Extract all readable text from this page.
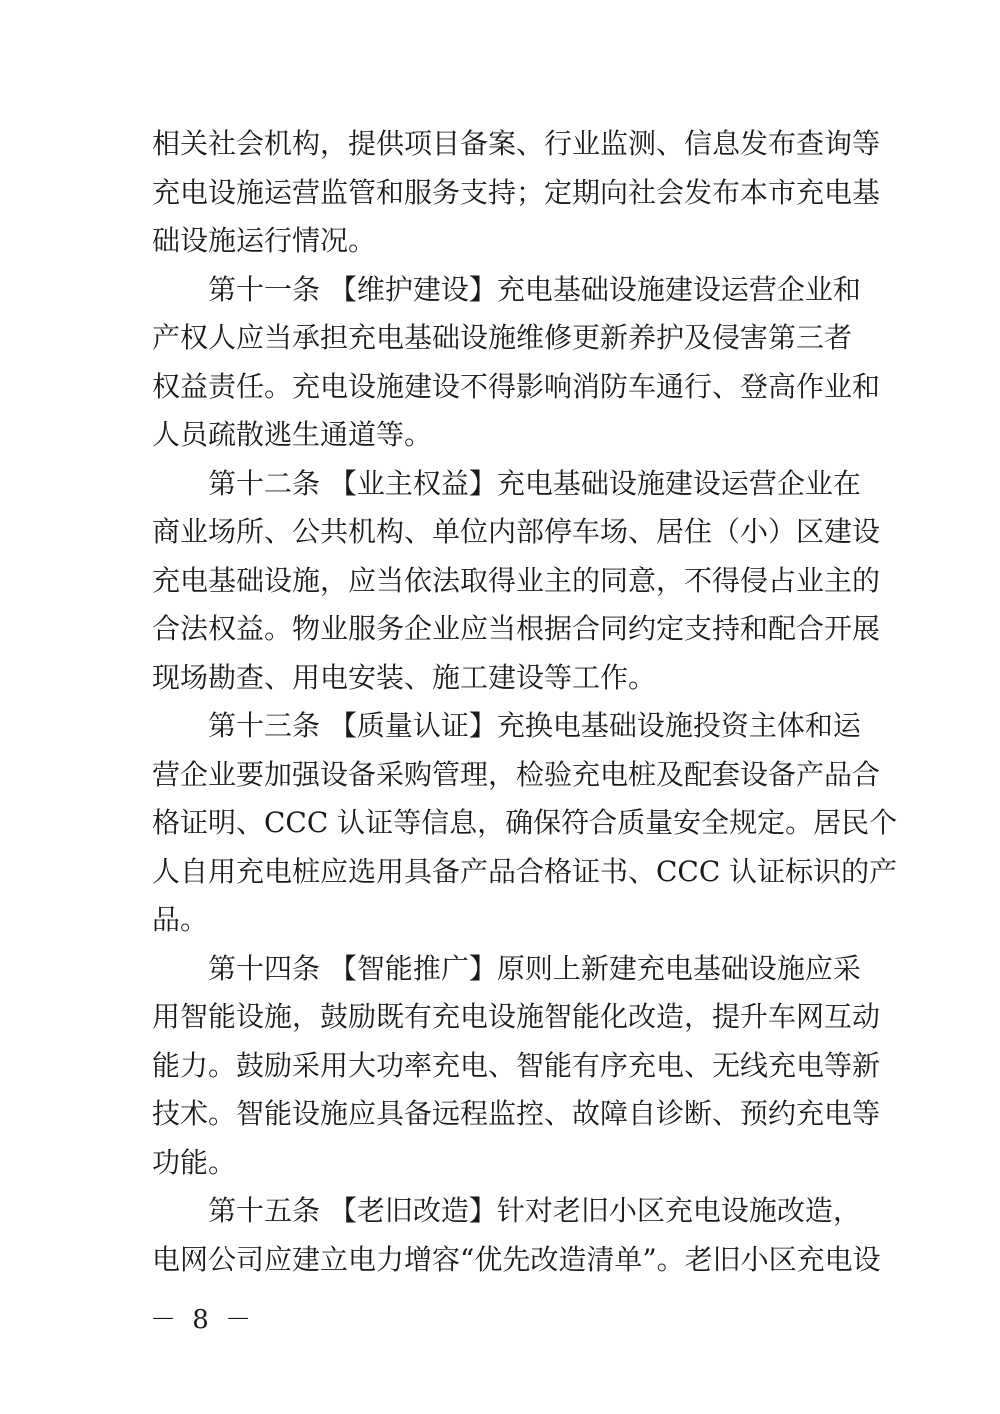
相关社会机构，提供项目备案、行业监测、信息发布查询等
充电设施运营监管和服务支持；定期向社会发布本市充电基
础设施运行情况。
第十一条 【维护建设】充电基础设施建设运营企业和
产权人应当承担充电基础设施维修更新养护及侵害第三者
权益责任。充电设施建设不得影响消防车通行、登高作业和
人员疏散逃生通道等。
第十二条 【业主权益】充电基础设施建设运营企业在
商业场所、公共机构、单位内部停车场、居住（小）区建设
充电基础设施，应当依法取得业主的同意，不得侵占业主的
合法权益。物业服务企业应当根据合同约定支持和配合开展
现场勘查、用电安装、施工建设等工作。
第十三条 【质量认证】充换电基础设施投资主体和运
营企业要加强设备采购管理，检验充电桩及配套设备产品合
格证明、CCC 认证等信息，确保符合质量安全规定。居民个
人自用充电桩应选用具备产品合格证书、CCC 认证标识的产
品。
第十四条 【智能推广】原则上新建充电基础设施应采
用智能设施，鼓励既有充电设施智能化改造，提升车网互动
能力。鼓励采用大功率充电、智能有序充电、无线充电等新
技术。智能设施应具备远程监控、故障自诊断、预约充电等
功能。
第十五条 【老旧改造】针对老旧小区充电设施改造，
电网公司应建立电力增容“优先改造清单”。老旧小区充电设
－ 8 －
